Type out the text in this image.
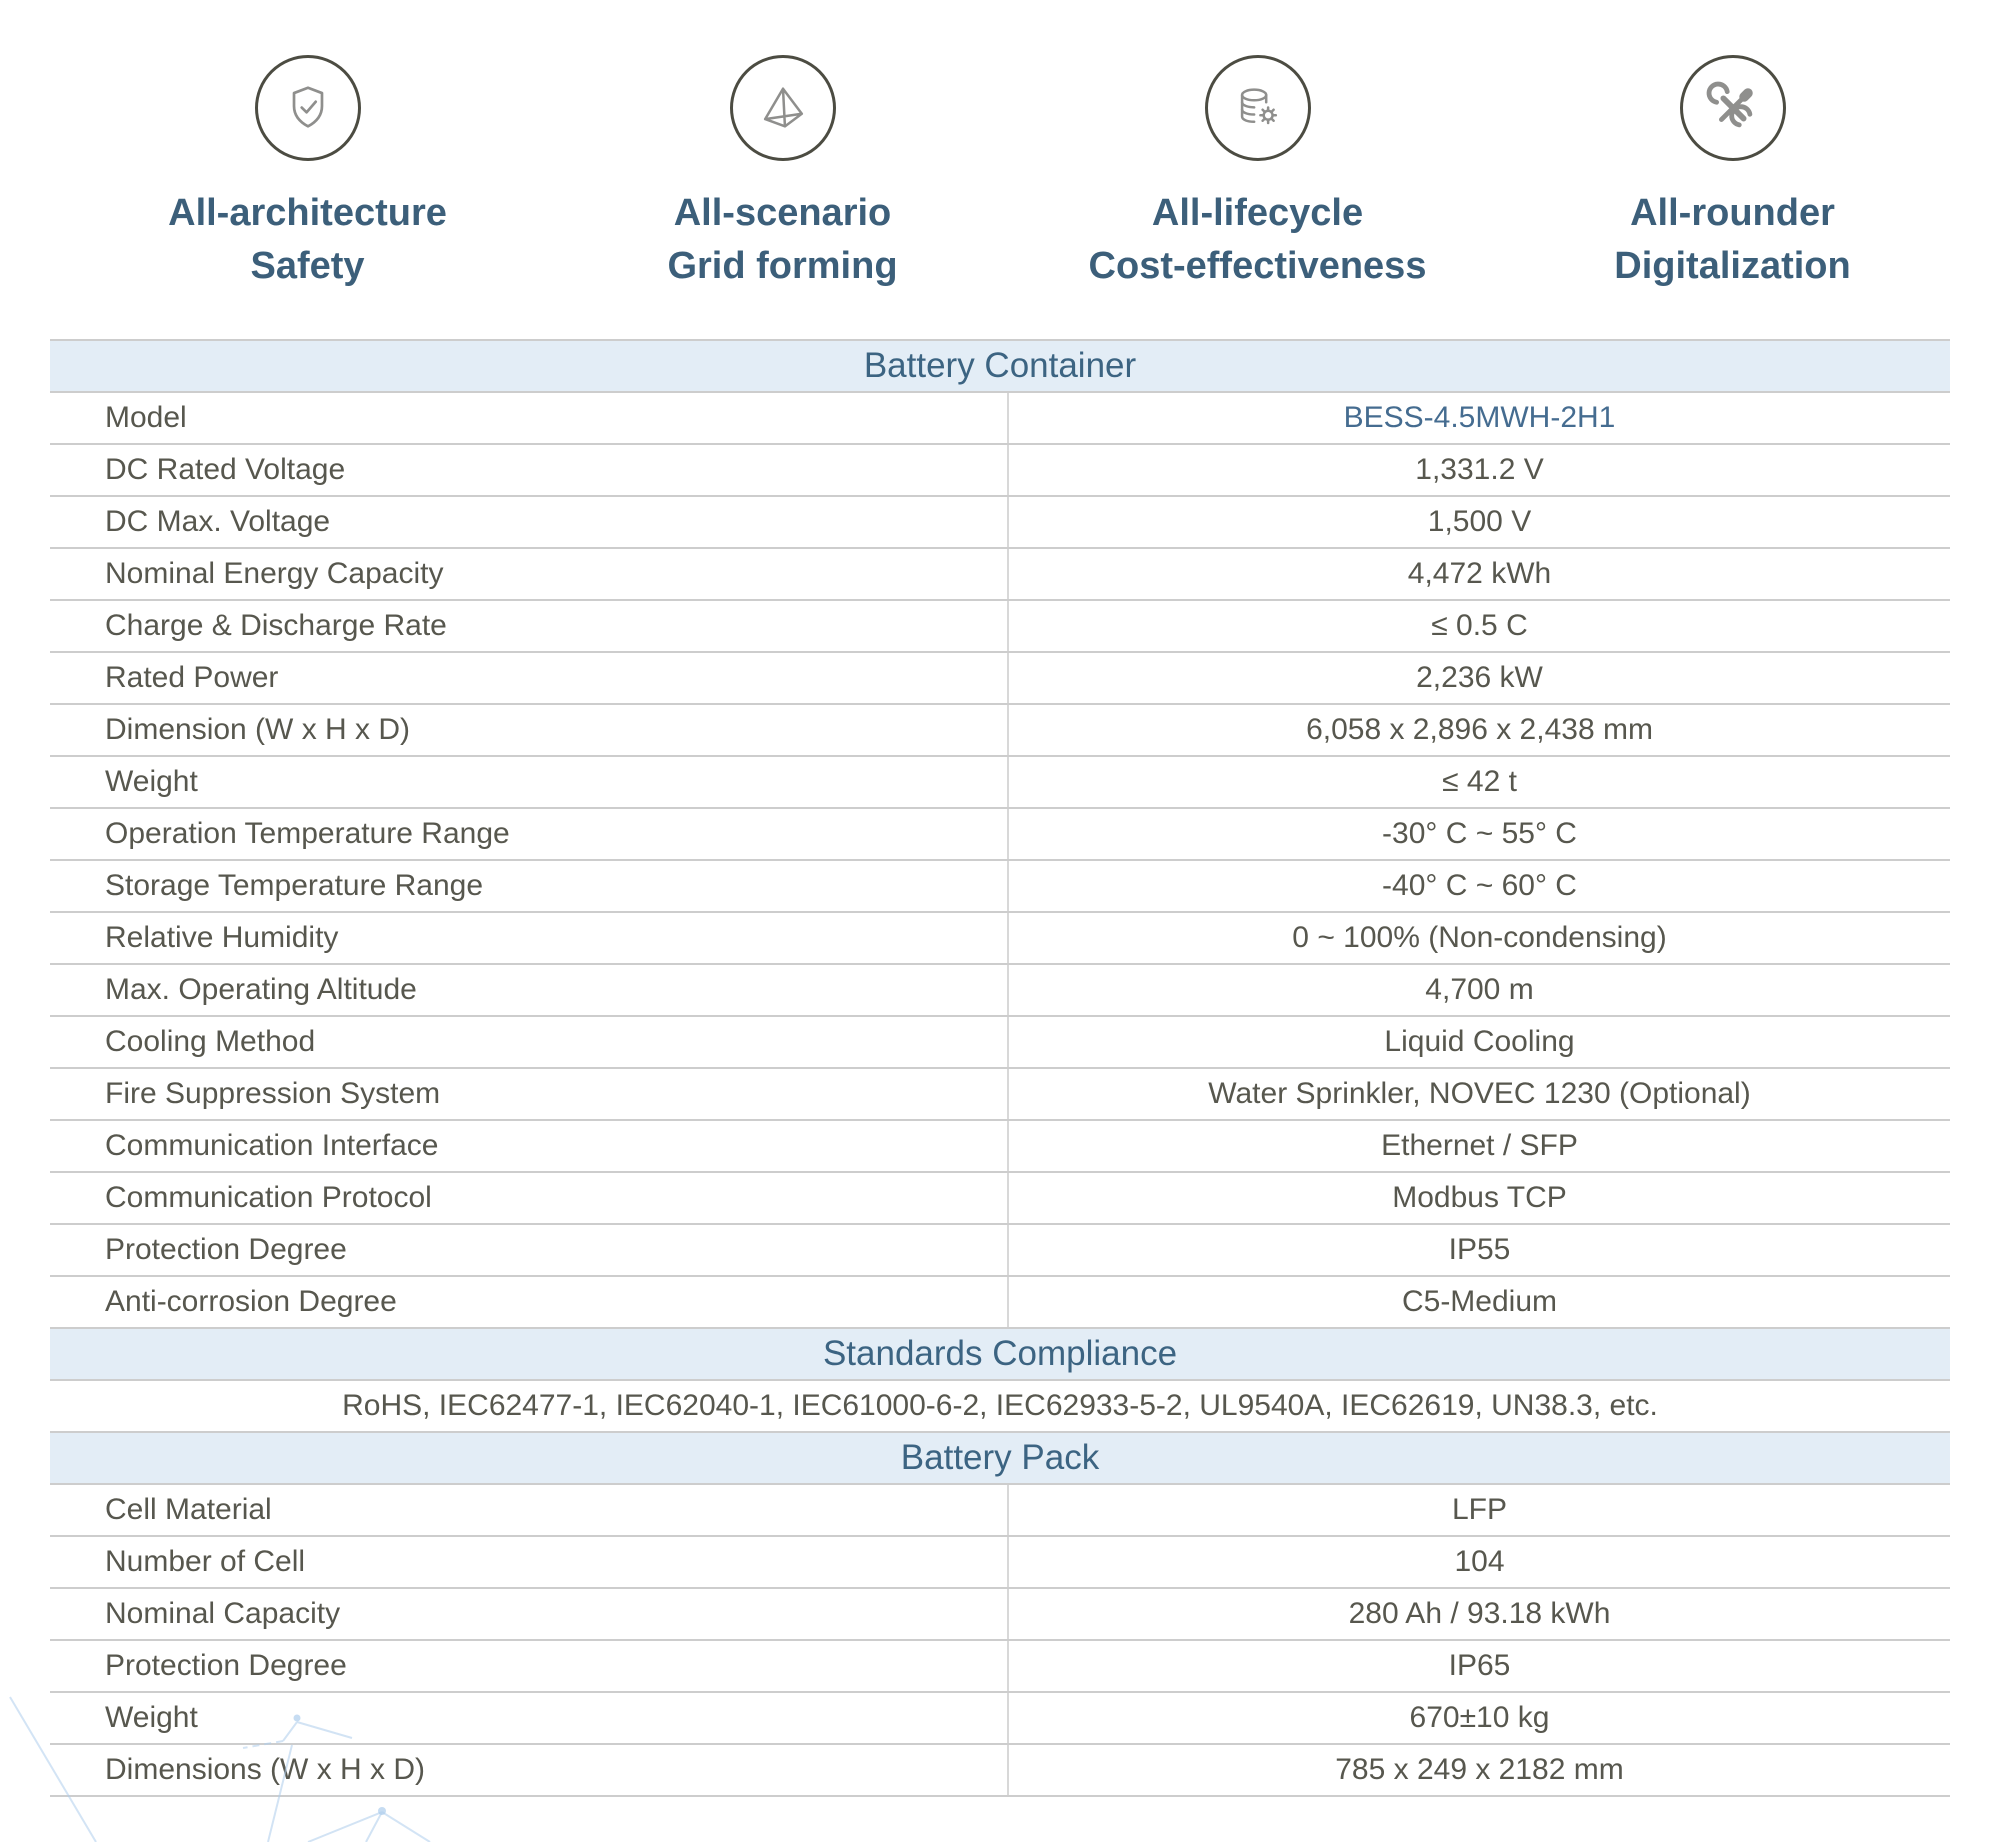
All-architecture
Safety
All-scenario
Grid forming
All-lifecycle
Cost-effectiveness
All-rounder
Digitalization
Battery Container
Model	BESS-4.5MWH-2H1
DC Rated Voltage	1,331.2 V
DC Max. Voltage	1,500 V
Nominal Energy Capacity	4,472 kWh
Charge & Discharge Rate	≤ 0.5 C
Rated Power	2,236 kW
Dimension (W x H x D)	6,058 x 2,896 x 2,438 mm
Weight	≤ 42 t
Operation Temperature Range	-30° C ~ 55° C
Storage Temperature Range	-40° C ~ 60° C
Relative Humidity	0 ~ 100% (Non-condensing)
Max. Operating Altitude	4,700 m
Cooling Method	Liquid Cooling
Fire Suppression System	Water Sprinkler, NOVEC 1230 (Optional)
Communication Interface	Ethernet / SFP
Communication Protocol	Modbus TCP
Protection Degree	IP55
Anti-corrosion Degree	C5-Medium
Standards Compliance
RoHS, IEC62477-1, IEC62040-1, IEC61000-6-2, IEC62933-5-2, UL9540A, IEC62619, UN38.3, etc.
Battery Pack
Cell Material	LFP
Number of Cell	104
Nominal Capacity	280 Ah / 93.18 kWh
Protection Degree	IP65
Weight	670±10 kg
Dimensions (W x H x D)	785 x 249 x 2182 mm
